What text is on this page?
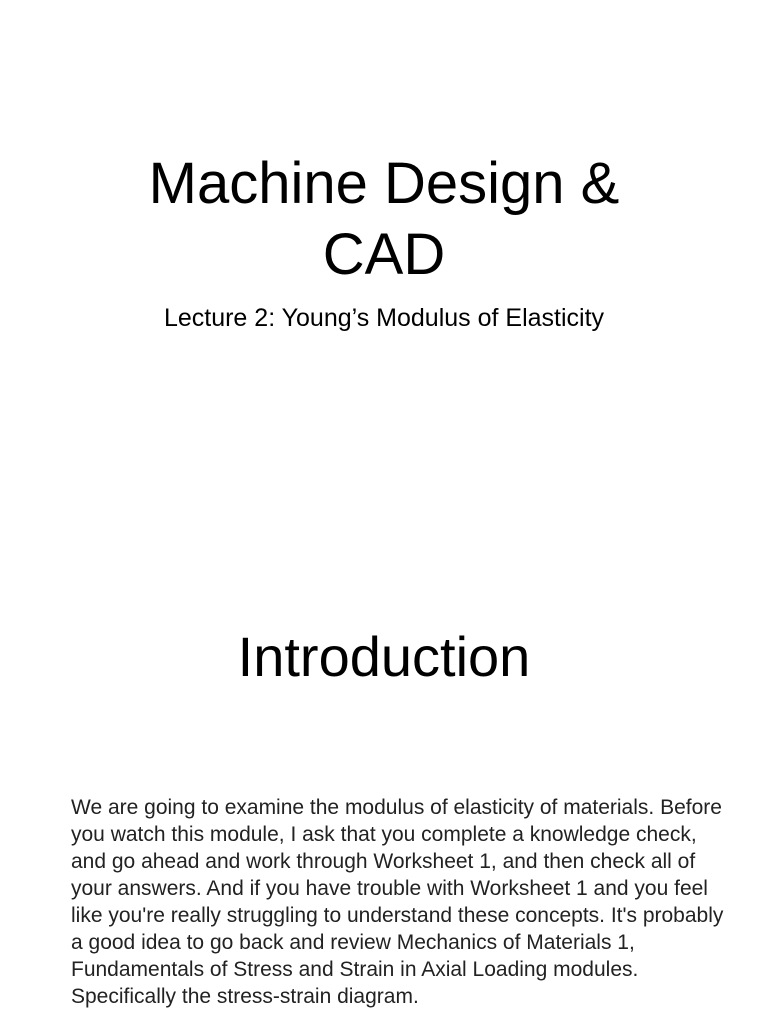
Machine Design & CAD

Lecture 2: Young’s Modulus of Elasticity

Introduction

We are going to examine the modulus of elasticity of materials. Before you watch this module, I ask that you complete a knowledge check, and go ahead and work through Worksheet 1, and then check all of your answers. And if you have trouble with Worksheet 1 and you feel like you're really struggling to understand these concepts. It's probably a good idea to go back and review Mechanics of Materials 1, Fundamentals of Stress and Strain in Axial Loading modules. Specifically the stress-strain diagram.
